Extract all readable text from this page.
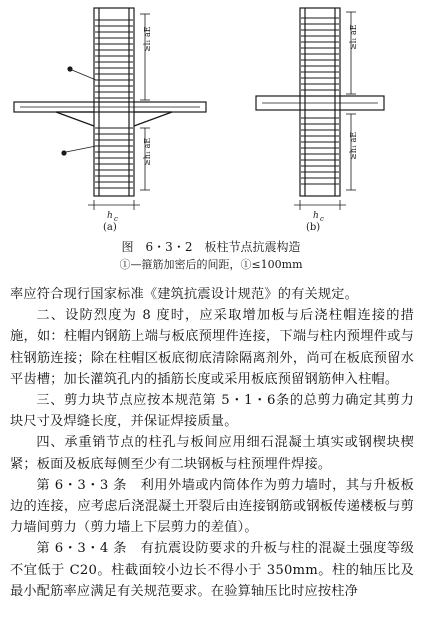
≥l₁ aE
≥h₁ aE
≥l₁ aE
≥h₁ aE
h c	h c
(a)	(b)
图　6・3・2　板柱节点抗震构造
①—箍筋加密后的间距，①≤100mm

率应符合现行国家标准《建筑抗震设计规范》的有关规定。

二、设防烈度为 8 度时，应采取增加板与后浇柱帽连接的措施，如：柱帽内钢筋上端与板底预埋件连接，下端与柱内预埋件或与柱钢筋连接；除在柱帽区板底彻底清除隔离剂外，尚可在板底预留水平齿槽；加长灌筑孔内的插筋长度或采用板底预留钢筋伸入柱帽。

三、剪力块节点应按本规范第 5・1・6条的总剪力确定其剪力块尺寸及焊缝长度，并保证焊接质量。

四、承重销节点的柱孔与板间应用细石混凝土填实或钢楔块楔紧；板面及板底每侧至少有二块钢板与柱预埋件焊接。

第 6・3・3 条　利用外墙或内筒体作为剪力墙时，其与升板板边的连接，应考虑后浇混凝土开裂后由连接钢筋或钢板传递楼板与剪力墙间剪力（剪力墙上下层剪力的差值）。

第 6・3・4 条　有抗震设防要求的升板与柱的混凝土强度等级不宜低于 C20。柱截面较小边长不得小于 350mm。柱的轴压比及最小配筋率应满足有关规范要求。在验算轴压比时应按柱净
